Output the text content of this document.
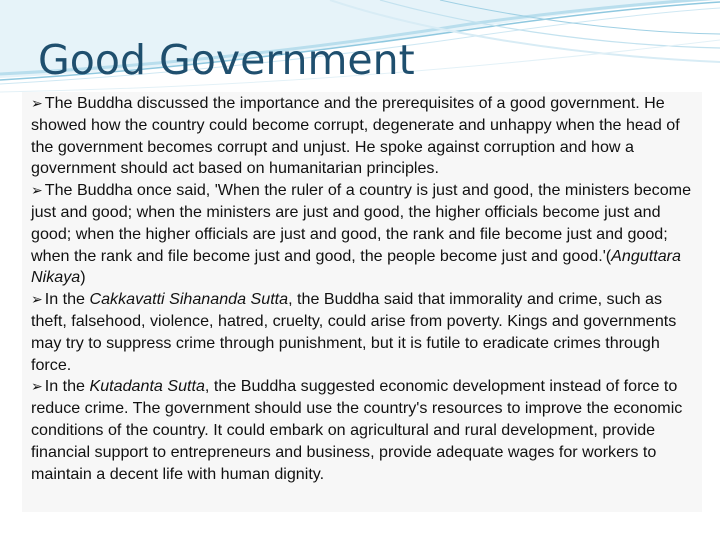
Good Government

➢ The Buddha discussed the importance and the prerequisites of a good government. He showed how the country could become corrupt, degenerate and unhappy when the head of the government becomes corrupt and unjust. He spoke against corruption and how a government should act based on humanitarian principles.

➢ The Buddha once said, 'When the ruler of a country is just and good, the ministers become just and good; when the ministers are just and good, the higher officials become just and good; when the higher officials are just and good, the rank and file become just and good; when the rank and file become just and good, the people become just and good.'(Anguttara Nikaya)

➢ In the Cakkavatti Sihananda Sutta, the Buddha said that immorality and crime, such as theft, falsehood, violence, hatred, cruelty, could arise from poverty. Kings and governments may try to suppress crime through punishment, but it is futile to eradicate crimes through force.

➢ In the Kutadanta Sutta, the Buddha suggested economic development instead of force to reduce crime. The government should use the country's resources to improve the economic conditions of the country. It could embark on agricultural and rural development, provide financial support to entrepreneurs and business, provide adequate wages for workers to maintain a decent life with human dignity.
